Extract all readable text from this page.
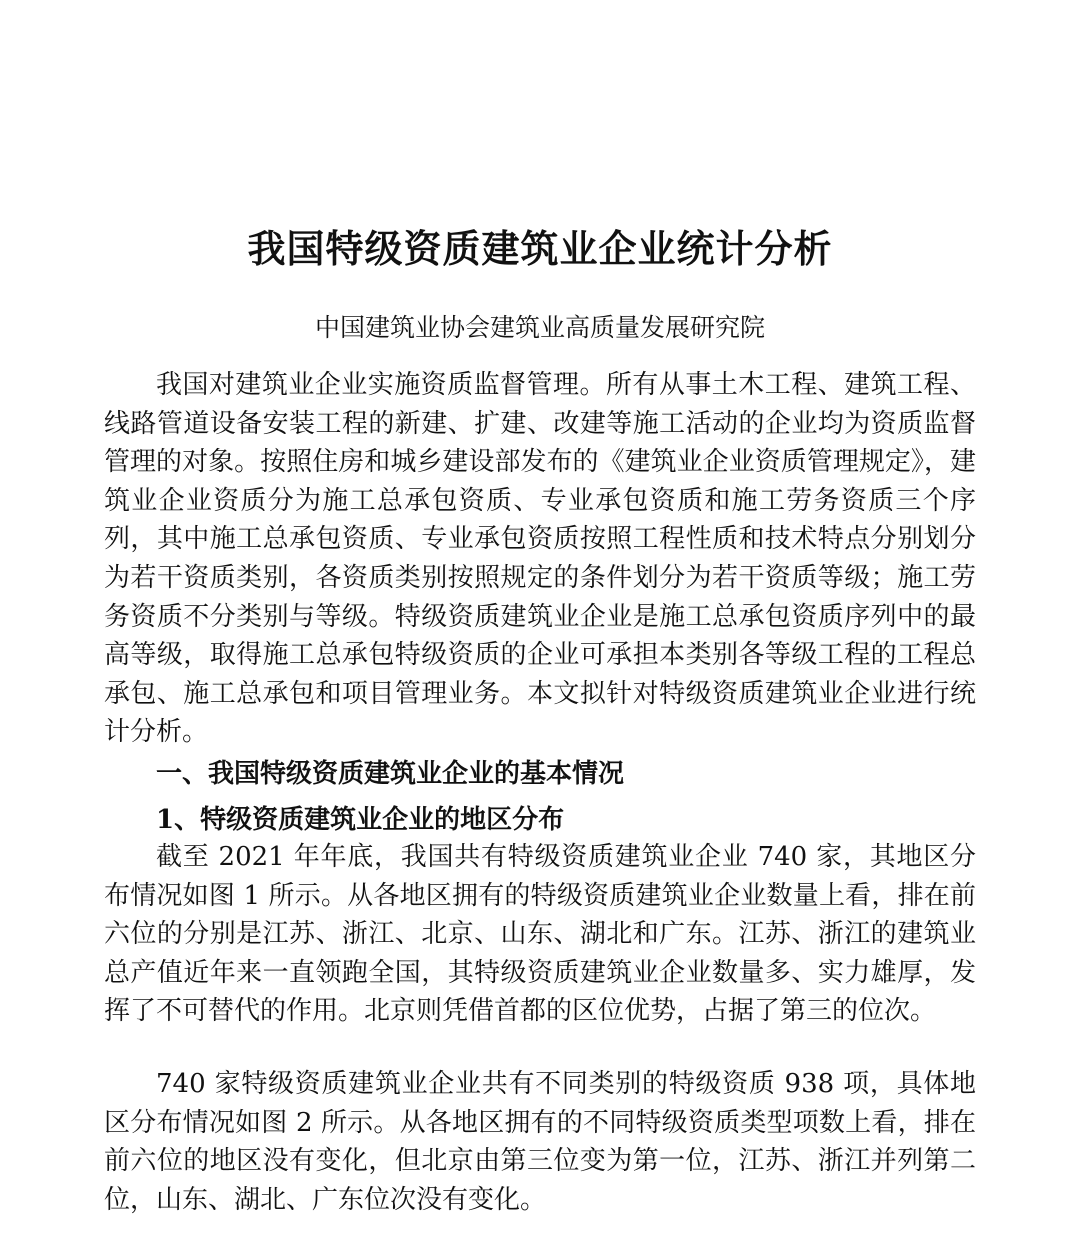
我国特级资质建筑业企业统计分析

中国建筑业协会建筑业高质量发展研究院

我国对建筑业企业实施资质监督管理。所有从事土木工程、建筑工程、线路管道设备安装工程的新建、扩建、改建等施工活动的企业均为资质监督管理的对象。按照住房和城乡建设部发布的《建筑业企业资质管理规定》，建筑业企业资质分为施工总承包资质、专业承包资质和施工劳务资质三个序列，其中施工总承包资质、专业承包资质按照工程性质和技术特点分别划分为若干资质类别，各资质类别按照规定的条件划分为若干资质等级；施工劳务资质不分类别与等级。特级资质建筑业企业是施工总承包资质序列中的最高等级，取得施工总承包特级资质的企业可承担本类别各等级工程的工程总承包、施工总承包和项目管理业务。本文拟针对特级资质建筑业企业进行统计分析。

一、我国特级资质建筑业企业的基本情况
1、特级资质建筑业企业的地区分布

截至 2021 年年底，我国共有特级资质建筑业企业 740 家，其地区分布情况如图 1 所示。从各地区拥有的特级资质建筑业企业数量上看，排在前六位的分别是江苏、浙江、北京、山东、湖北和广东。江苏、浙江的建筑业总产值近年来一直领跑全国，其特级资质建筑业企业数量多、实力雄厚，发挥了不可替代的作用。北京则凭借首都的区位优势，占据了第三的位次。

740 家特级资质建筑业企业共有不同类别的特级资质 938 项，具体地区分布情况如图 2 所示。从各地区拥有的不同特级资质类型项数上看，排在前六位的地区没有变化，但北京由第三位变为第一位，江苏、浙江并列第二位，山东、湖北、广东位次没有变化。
